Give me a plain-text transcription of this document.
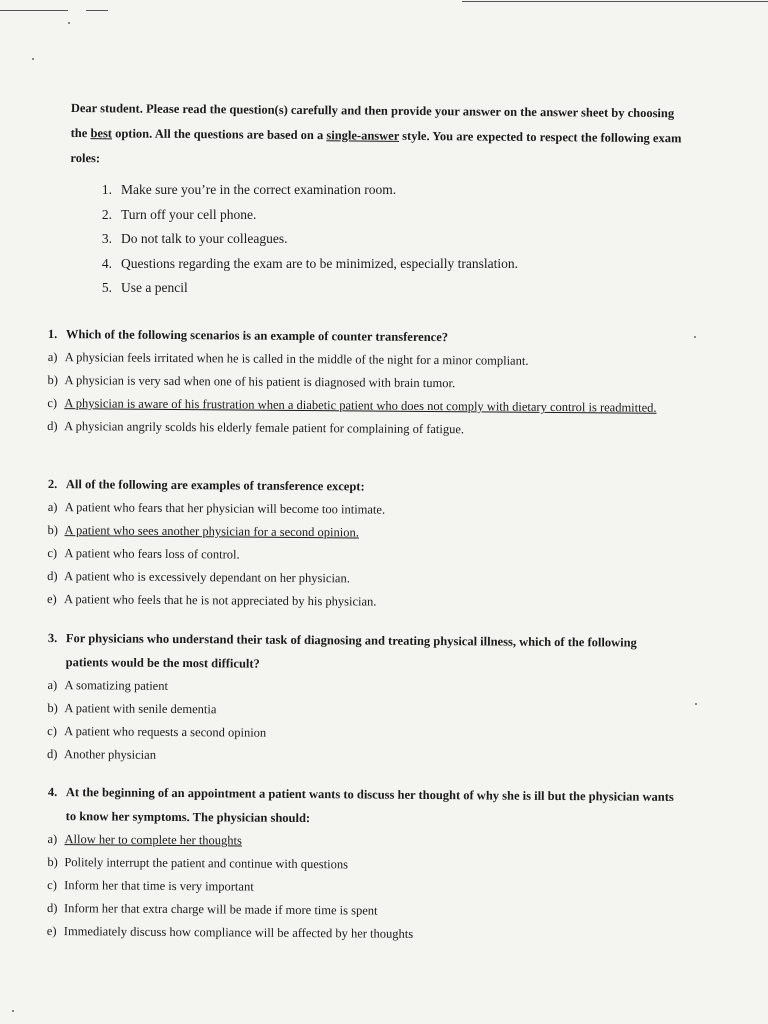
Dear student. Please read the question(s) carefully and then provide your answer on the answer sheet by choosing the best option. All the questions are based on a single-answer style. You are expected to respect the following exam roles:
1. Make sure you’re in the correct examination room.
2. Turn off your cell phone.
3. Do not talk to your colleagues.
4. Questions regarding the exam are to be minimized, especially translation.
5. Use a pencil
1. Which of the following scenarios is an example of counter transference?
a) A physician feels irritated when he is called in the middle of the night for a minor compliant.
b) A physician is very sad when one of his patient is diagnosed with brain tumor.
c) A physician is aware of his frustration when a diabetic patient who does not comply with dietary control is readmitted.
d) A physician angrily scolds his elderly female patient for complaining of fatigue.
2. All of the following are examples of transference except:
a) A patient who fears that her physician will become too intimate.
b) A patient who sees another physician for a second opinion.
c) A patient who fears loss of control.
d) A patient who is excessively dependant on her physician.
e) A patient who feels that he is not appreciated by his physician.
3. For physicians who understand their task of diagnosing and treating physical illness, which of the following patients would be the most difficult?
a) A somatizing patient
b) A patient with senile dementia
c) A patient who requests a second opinion
d) Another physician
4. At the beginning of an appointment a patient wants to discuss her thought of why she is ill but the physician wants to know her symptoms. The physician should:
a) Allow her to complete her thoughts
b) Politely interrupt the patient and continue with questions
c) Inform her that time is very important
d) Inform her that extra charge will be made if more time is spent
e) Immediately discuss how compliance will be affected by her thoughts
